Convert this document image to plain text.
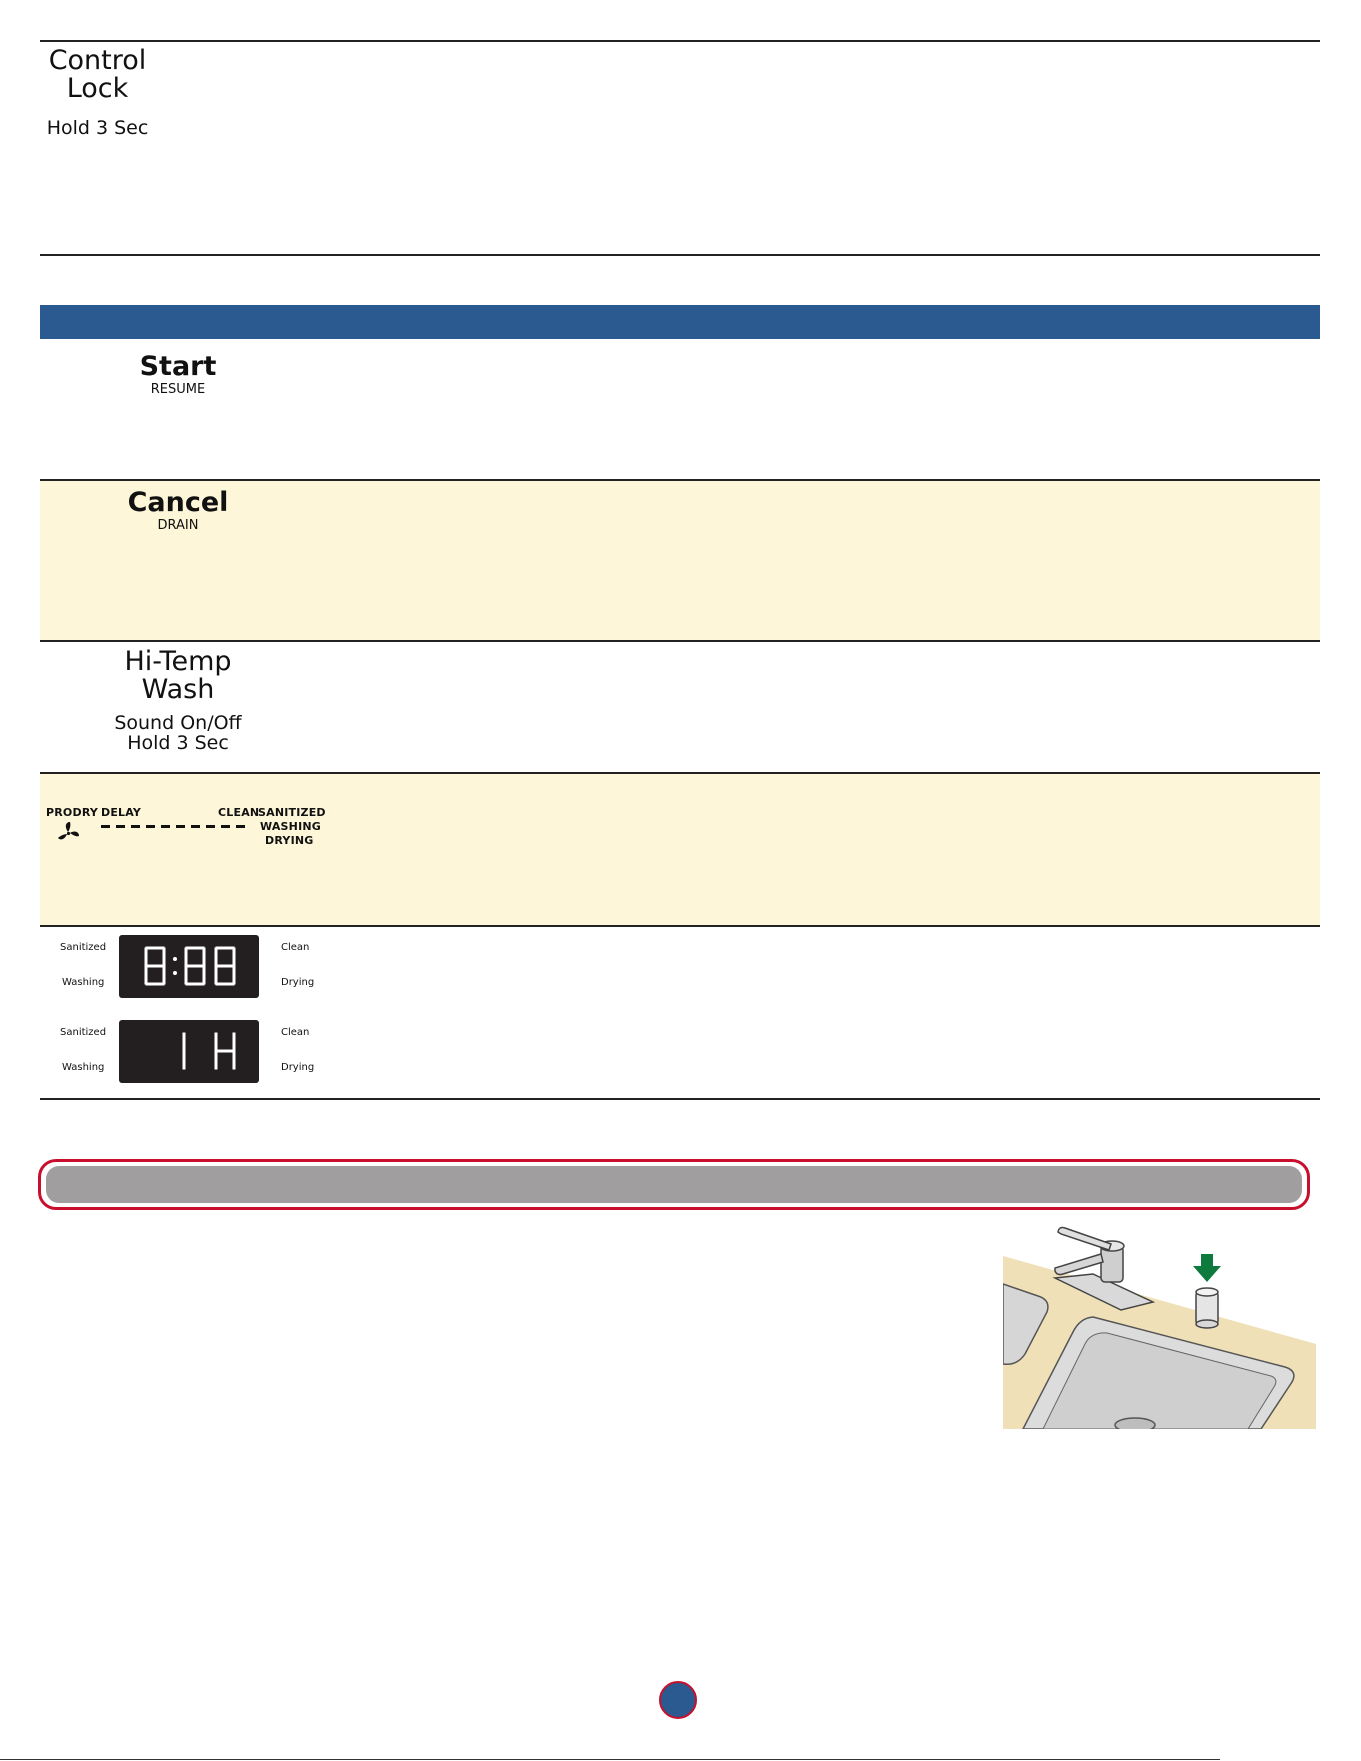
Control
Lock
Hold 3 Sec
Start
RESUME
Cancel
DRAIN
Hi-Temp
Wash
Sound On/Off
Hold 3 Sec
PRODRY DELAY	CLEAN
SANITIZED
WASHING
DRYING
Sanitized
Washing
Clean
Drying
Sanitized
Washing
Clean
Drying
